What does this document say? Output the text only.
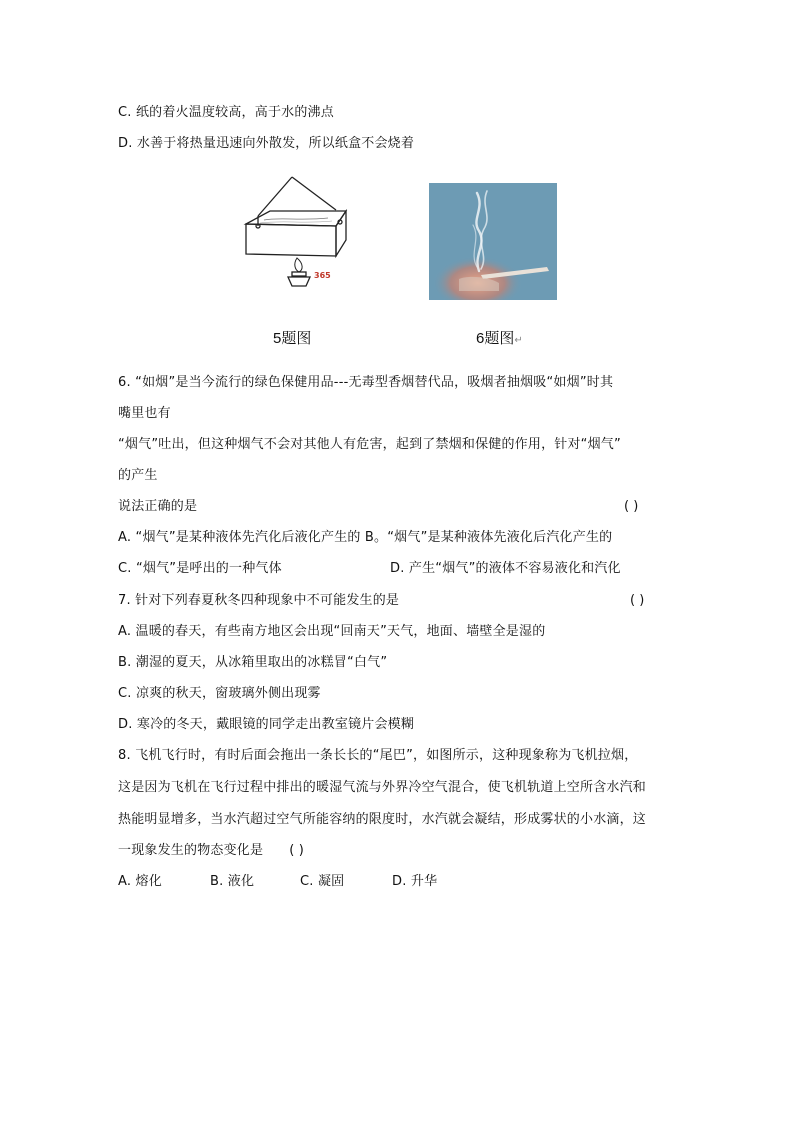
C. 纸的着火温度较高，高于水的沸点
D. 水善于将热量迅速向外散发，所以纸盒不会烧着
365
5题图	6题图↵
6. “如烟”是当今流行的绿色保健用品---无毒型香烟替代品，吸烟者抽烟吸“如烟”时其
嘴里也有
“烟气”吐出，但这种烟气不会对其他人有危害，起到了禁烟和保健的作用，针对“烟气”
的产生
说法正确的是	( )
A. “烟气”是某种液体先汽化后液化产生的 B。“烟气”是某种液体先液化后汽化产生的
C. “烟气”是呼出的一种气体	D. 产生“烟气”的液体不容易液化和汽化
7. 针对下列春夏秋冬四种现象中不可能发生的是	( )
A. 温暖的春天，有些南方地区会出现“回南天”天气，地面、墙壁全是湿的
B. 潮湿的夏天，从冰箱里取出的冰糕冒“白气”
C. 凉爽的秋天，窗玻璃外侧出现雾
D. 寒冷的冬天，戴眼镜的同学走出教室镜片会模糊
8. 飞机飞行时，有时后面会拖出一条长长的“尾巴”，如图所示，这种现象称为飞机拉烟，
这是因为飞机在飞行过程中排出的暖湿气流与外界冷空气混合，使飞机轨道上空所含水汽和
热能明显增多，当水汽超过空气所能容纳的限度时，水汽就会凝结，形成雾状的小水滴，这
一现象发生的物态变化是 ( )
A. 熔化	B. 液化	C. 凝固	D. 升华
